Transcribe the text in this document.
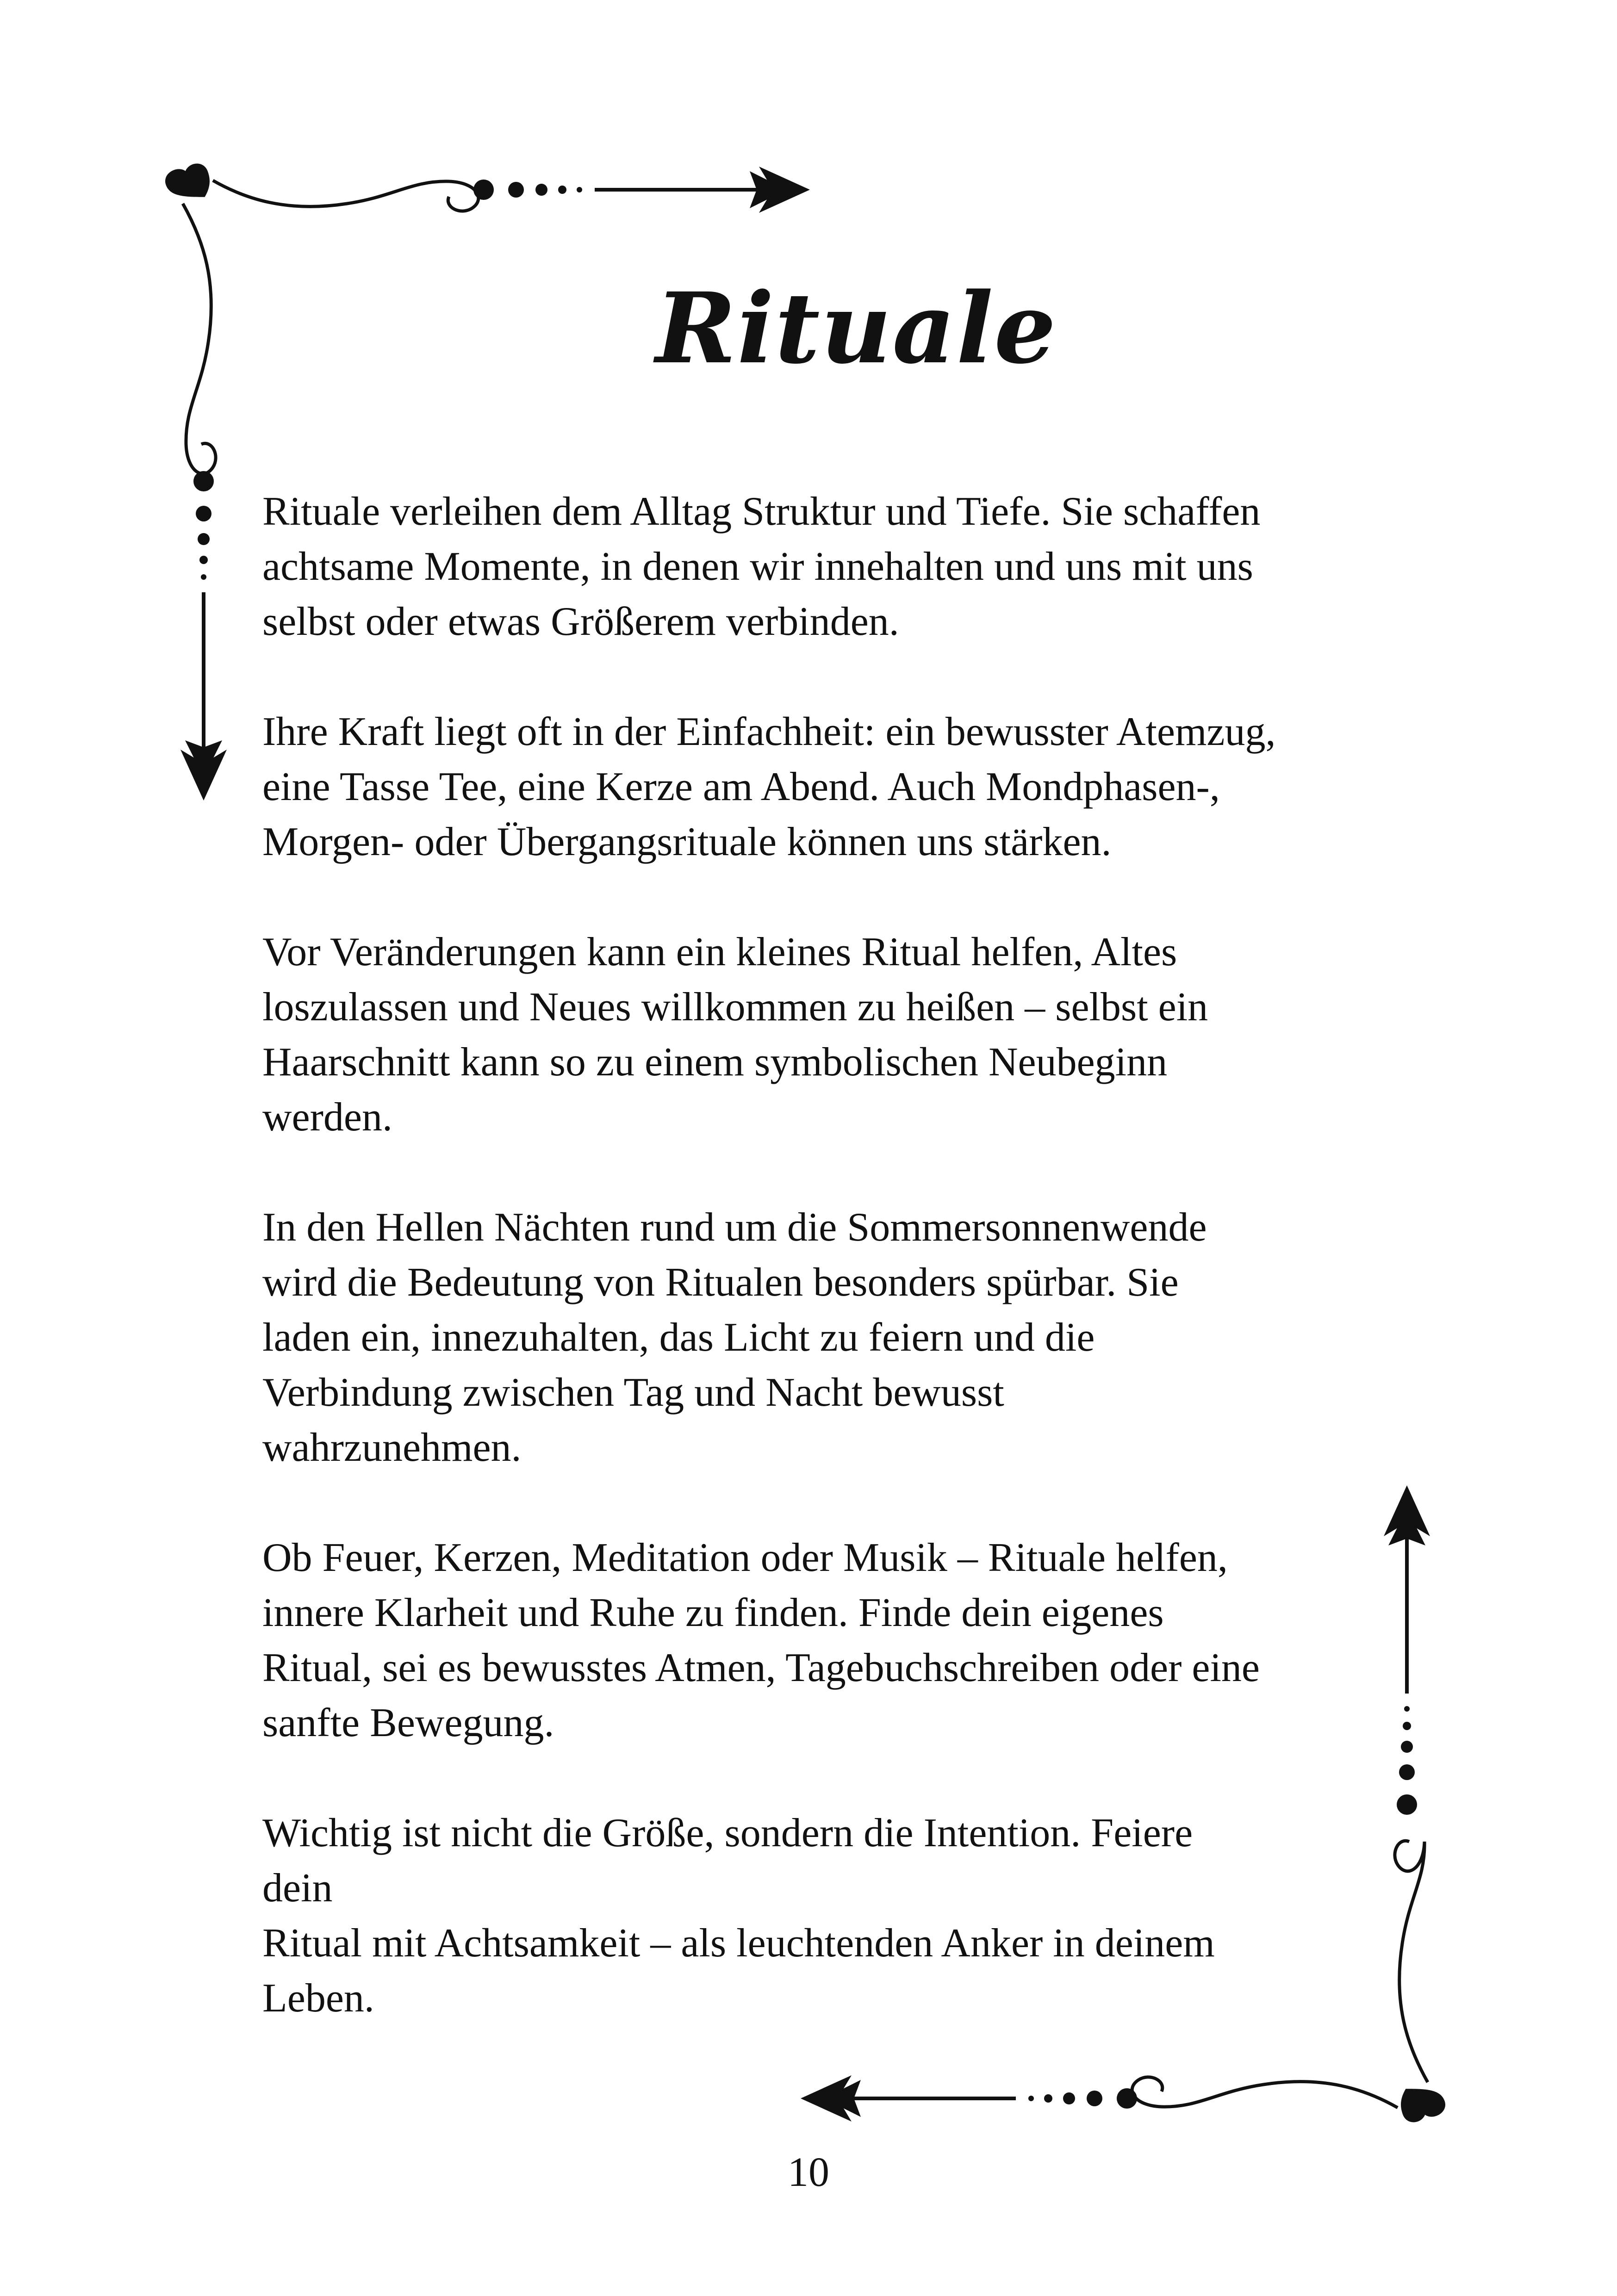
Rituale

Rituale verleihen dem Alltag Struktur und Tiefe. Sie schaffen
achtsame Momente, in denen wir innehalten und uns mit uns
selbst oder etwas Größerem verbinden.

Ihre Kraft liegt oft in der Einfachheit: ein bewusster Atemzug,
eine Tasse Tee, eine Kerze am Abend. Auch Mondphasen-,
Morgen- oder Übergangsrituale können uns stärken.

Vor Veränderungen kann ein kleines Ritual helfen, Altes
loszulassen und Neues willkommen zu heißen – selbst ein
Haarschnitt kann so zu einem symbolischen Neubeginn
werden.

In den Hellen Nächten rund um die Sommersonnenwende
wird die Bedeutung von Ritualen besonders spürbar. Sie
laden ein, innezuhalten, das Licht zu feiern und die
Verbindung zwischen Tag und Nacht bewusst
wahrzunehmen.

Ob Feuer, Kerzen, Meditation oder Musik – Rituale helfen,
innere Klarheit und Ruhe zu finden. Finde dein eigenes
Ritual, sei es bewusstes Atmen, Tagebuchschreiben oder eine
sanfte Bewegung.

Wichtig ist nicht die Größe, sondern die Intention. Feiere
dein
Ritual mit Achtsamkeit – als leuchtenden Anker in deinem
Leben.

10
